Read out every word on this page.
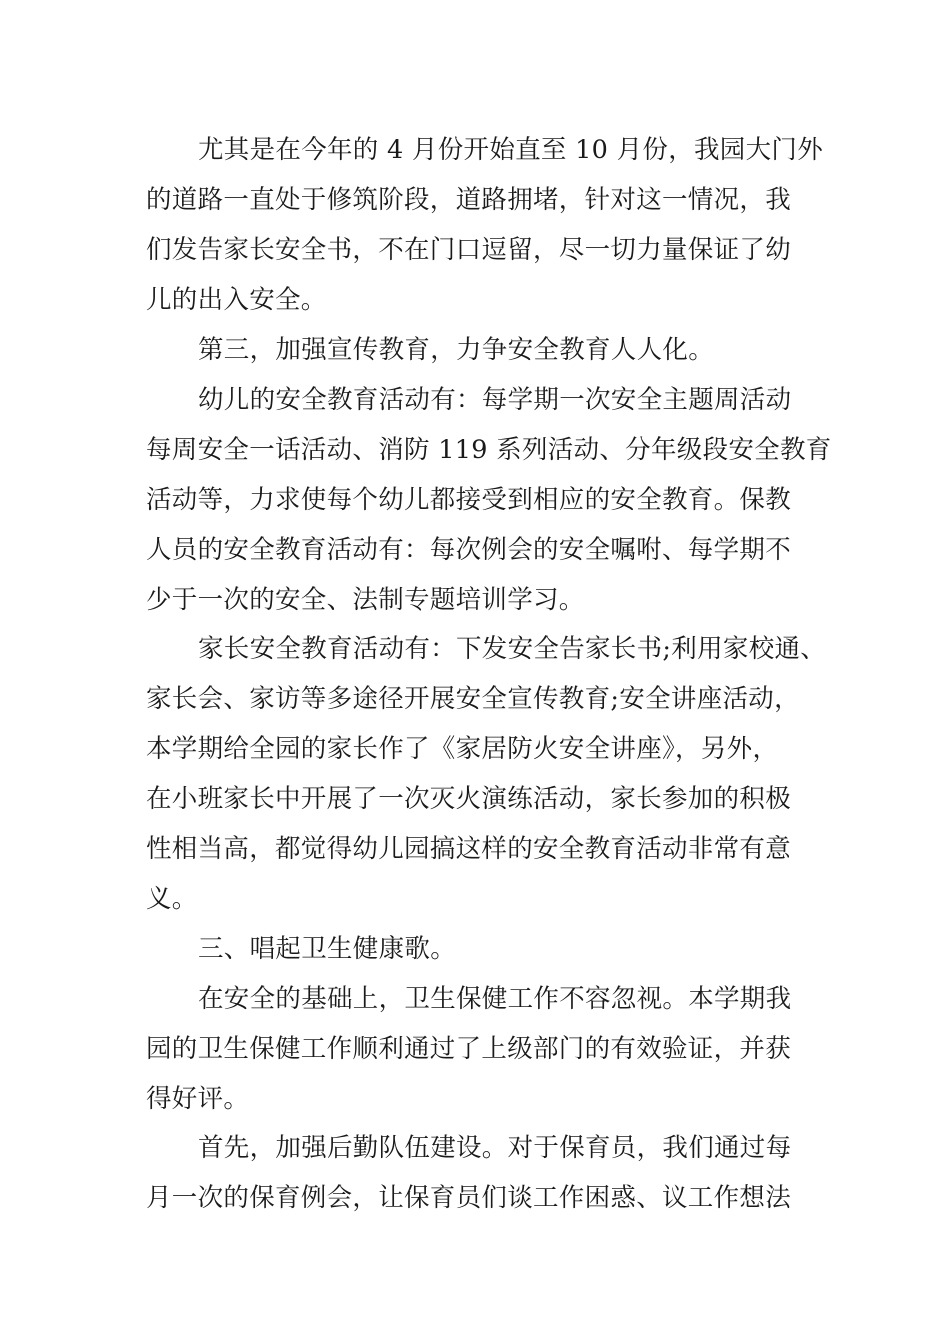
尤其是在今年的 4 月份开始直至 10 月份，我园大门外
的道路一直处于修筑阶段，道路拥堵，针对这一情况，我
们发告家长安全书，不在门口逗留，尽一切力量保证了幼
儿的出入安全。
第三，加强宣传教育，力争安全教育人人化。
幼儿的安全教育活动有：每学期一次安全主题周活动
每周安全一话活动、消防 119 系列活动、分年级段安全教育
活动等，力求使每个幼儿都接受到相应的安全教育。保教
人员的安全教育活动有：每次例会的安全嘱咐、每学期不
少于一次的安全、法制专题培训学习。
家长安全教育活动有：下发安全告家长书;利用家校通、
家长会、家访等多途径开展安全宣传教育;安全讲座活动，
本学期给全园的家长作了《家居防火安全讲座》，另外，
在小班家长中开展了一次灭火演练活动，家长参加的积极
性相当高，都觉得幼儿园搞这样的安全教育活动非常有意
义。
三、唱起卫生健康歌。
在安全的基础上，卫生保健工作不容忽视。本学期我
园的卫生保健工作顺利通过了上级部门的有效验证，并获
得好评。
首先，加强后勤队伍建设。对于保育员，我们通过每
月一次的保育例会，让保育员们谈工作困惑、议工作想法
